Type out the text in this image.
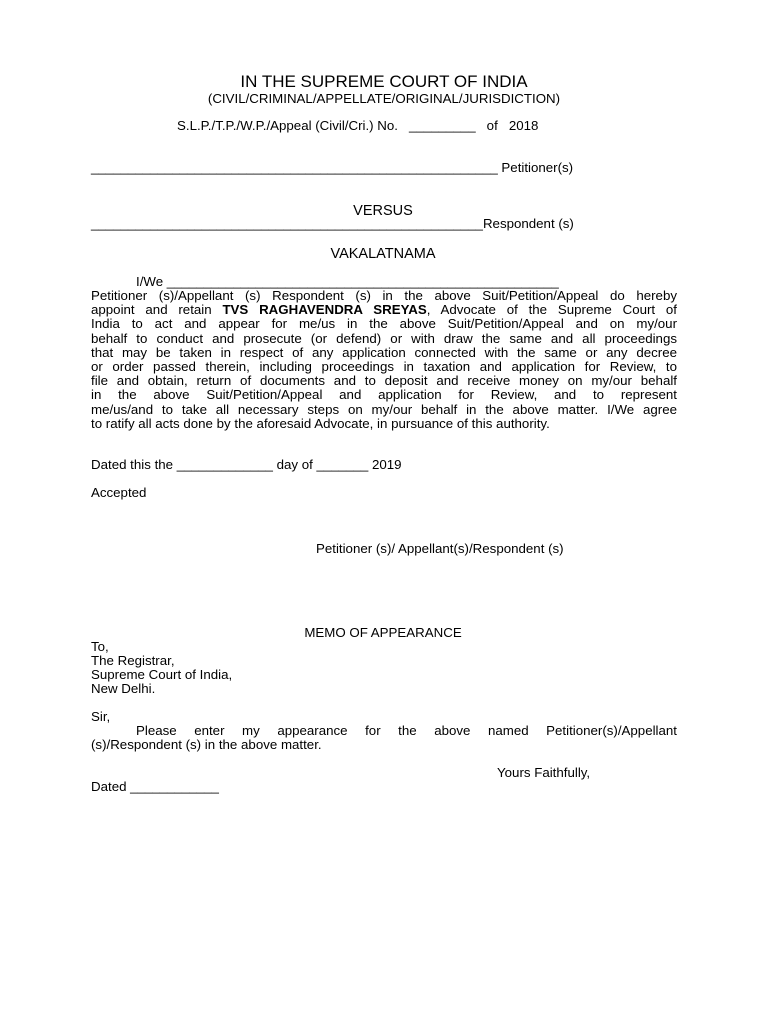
IN THE SUPREME COURT OF INDIA
(CIVIL/CRIMINAL/APPELLATE/ORIGINAL/JURISDICTION)
S.L.P./T.P./W.P./Appeal (Civil/Cri.) No.   _________   of   2018
_______________________________________________________ Petitioner(s)
VERSUS
_____________________________________________________Respondent (s)
VAKALATNAMA
I/We _____________________________________________________
Petitioner (s)/Appellant (s) Respondent (s) in the above Suit/Petition/Appeal do hereby
appoint and retain TVS RAGHAVENDRA SREYAS, Advocate of the Supreme Court of
India to act and appear for me/us in the above Suit/Petition/Appeal and on my/our
behalf to conduct and prosecute (or defend) or with draw the same and all proceedings
that may be taken in respect of any application connected with the same or any decree
or order passed therein, including proceedings in taxation and application for Review, to
file and obtain, return of documents and to deposit and receive money on my/our behalf
in the above Suit/Petition/Appeal and application for Review, and to represent
me/us/and to take all necessary steps on my/our behalf in the above matter. I/We agree
to ratify all acts done by the aforesaid Advocate, in pursuance of this authority.
Dated this the _____________ day of _______ 2019
Accepted
Petitioner (s)/ Appellant(s)/Respondent (s)
MEMO OF APPEARANCE
To,
The Registrar,
Supreme Court of India,
New Delhi.
Sir,
Please enter my appearance for the above named Petitioner(s)/Appellant
(s)/Respondent (s) in the above matter.
Yours Faithfully,
Dated ____________
